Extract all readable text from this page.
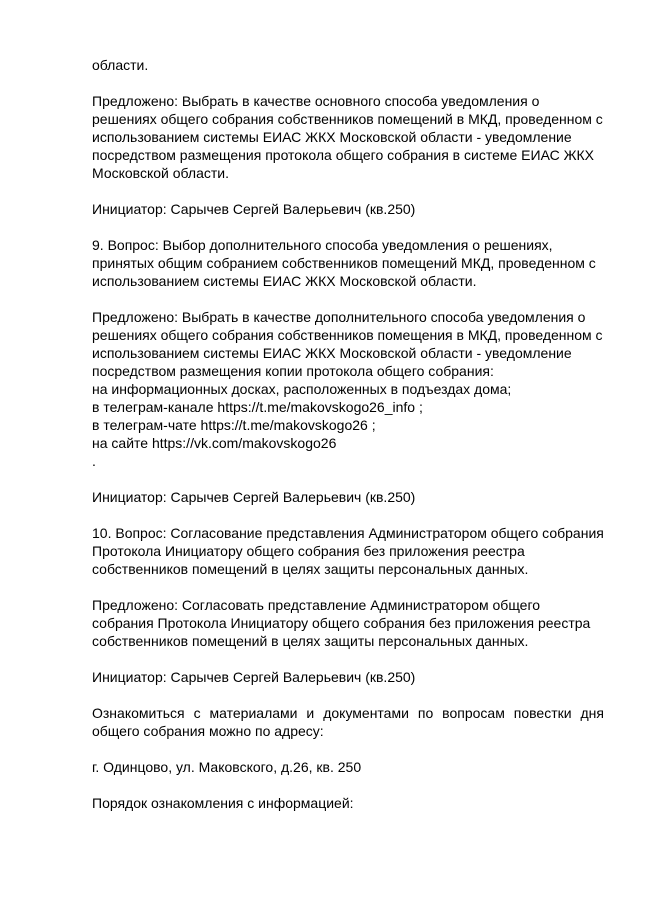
области.
Предложено: Выбрать в качестве основного способа уведомления о решениях общего собрания собственников помещений в МКД, проведенном с использованием системы ЕИАС ЖКХ Московской области - уведомление посредством размещения протокола общего собрания в системе ЕИАС ЖКХ Московской области.
Инициатор: Сарычев Сергей Валерьевич (кв.250)
9. Вопрос: Выбор дополнительного способа уведомления о решениях, принятых общим собранием собственников помещений МКД, проведенном с использованием системы ЕИАС ЖКХ Московской области.
Предложено: Выбрать в качестве дополнительного способа уведомления о решениях общего собрания собственников помещения в МКД, проведенном с использованием системы ЕИАС ЖКХ Московской области - уведомление посредством размещения копии протокола общего собрания:
на информационных досках, расположенных в подъездах дома;
в телеграм-канале https://t.me/makovskogo26_info ;
в телеграм-чате https://t.me/makovskogo26 ;
на сайте https://vk.com/makovskogo26
.
Инициатор: Сарычев Сергей Валерьевич (кв.250)
10. Вопрос: Согласование представления Администратором общего собрания Протокола Инициатору общего собрания без приложения реестра собственников помещений в целях защиты персональных данных.
Предложено: Согласовать представление Администратором общего собрания Протокола Инициатору общего собрания без приложения реестра собственников помещений в целях защиты персональных данных.
Инициатор: Сарычев Сергей Валерьевич (кв.250)
Ознакомиться с материалами и документами по вопросам повестки дня общего собрания можно по адресу:
г. Одинцово, ул. Маковского, д.26, кв. 250
Порядок ознакомления с информацией:
